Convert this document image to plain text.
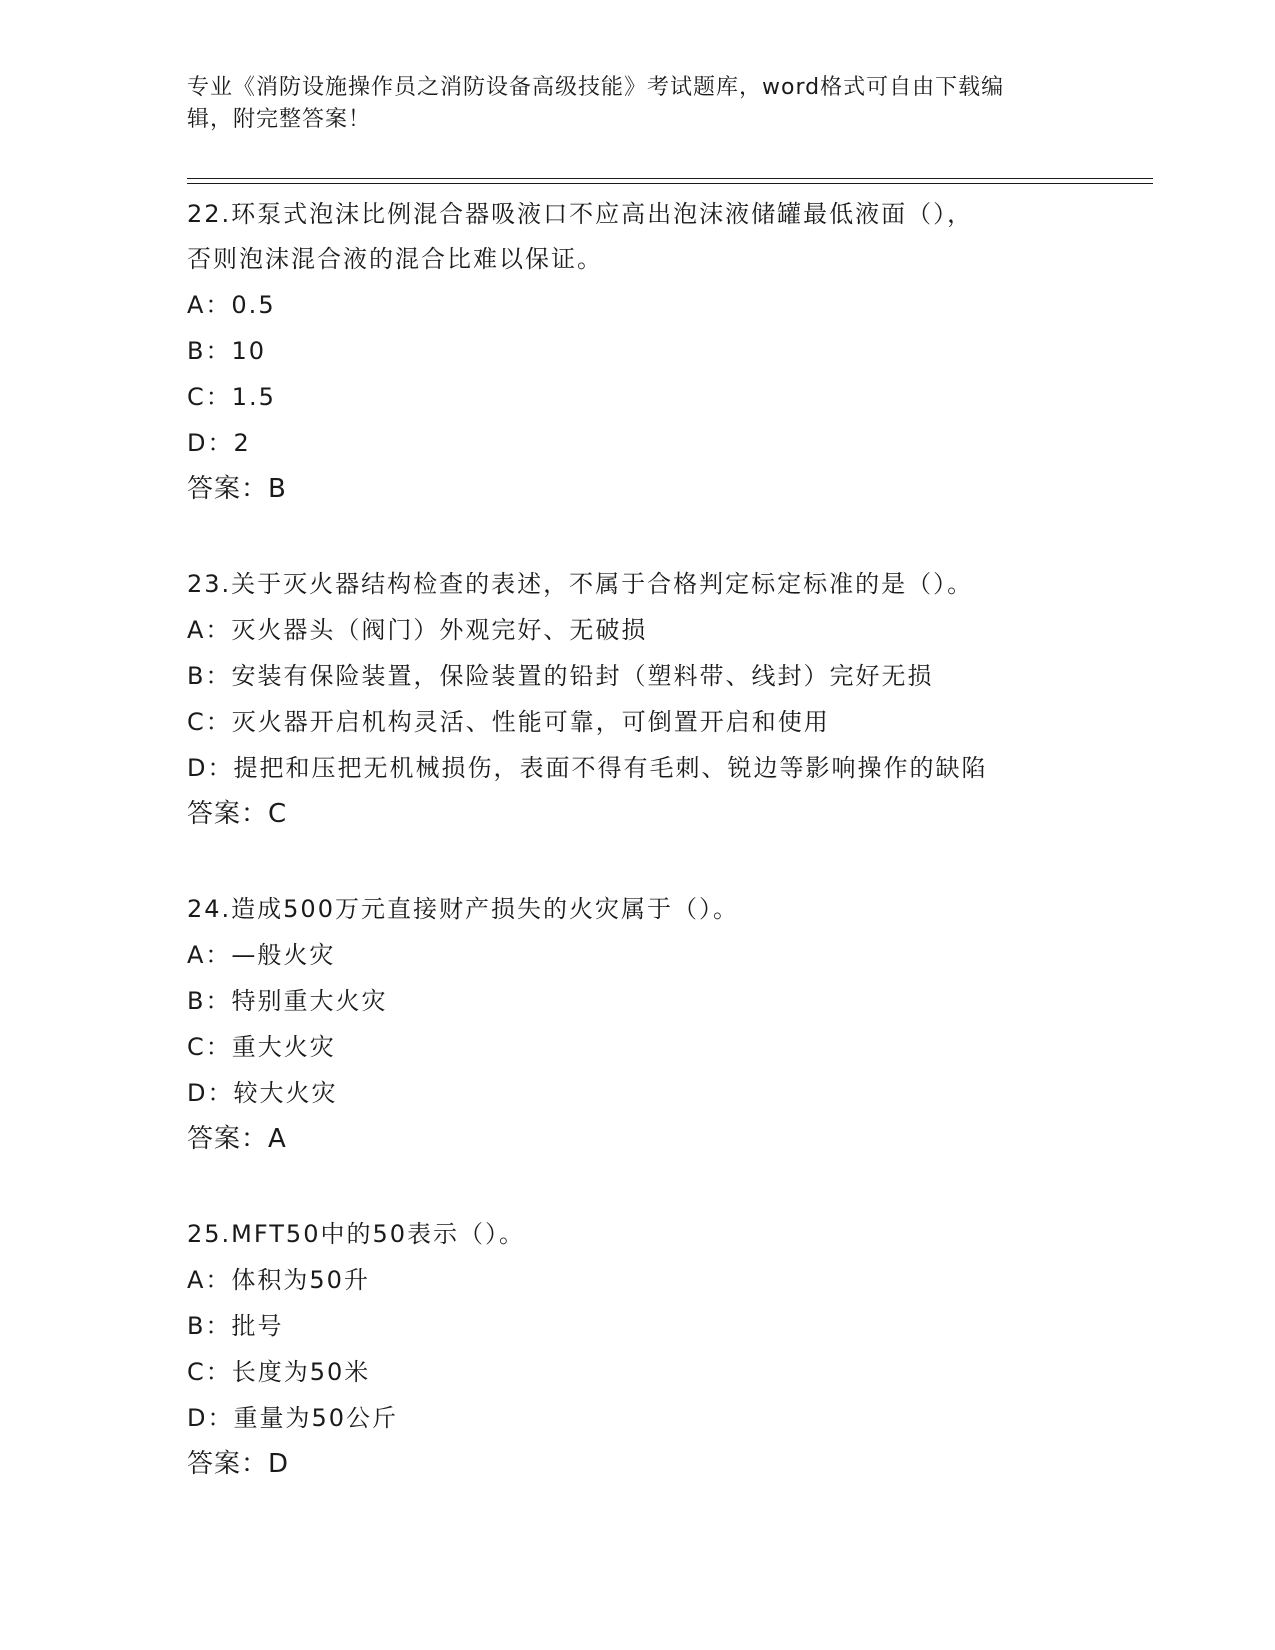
专业《消防设施操作员之消防设备高级技能》考试题库，word格式可自由下载编
辑，附完整答案！
22.环泵式泡沫比例混合器吸液口不应高出泡沫液储罐最低液面（），
否则泡沫混合液的混合比难以保证。
A：0.5
B：10
C：1.5
D：2
答案：B
23.关于灭火器结构检查的表述，不属于合格判定标定标准的是（）。
A：灭火器头（阀门）外观完好、无破损
B：安装有保险装置，保险装置的铅封（塑料带、线封）完好无损
C：灭火器开启机构灵活、性能可靠，可倒置开启和使用
D：提把和压把无机械损伤，表面不得有毛刺、锐边等影响操作的缺陷
答案：C
24.造成500万元直接财产损失的火灾属于（）。
A：—般火灾
B：特别重大火灾
C：重大火灾
D：较大火灾
答案：A
25.MFT50中的50表示（）。
A：体积为50升
B：批号
C：长度为50米
D：重量为50公斤
答案：D
